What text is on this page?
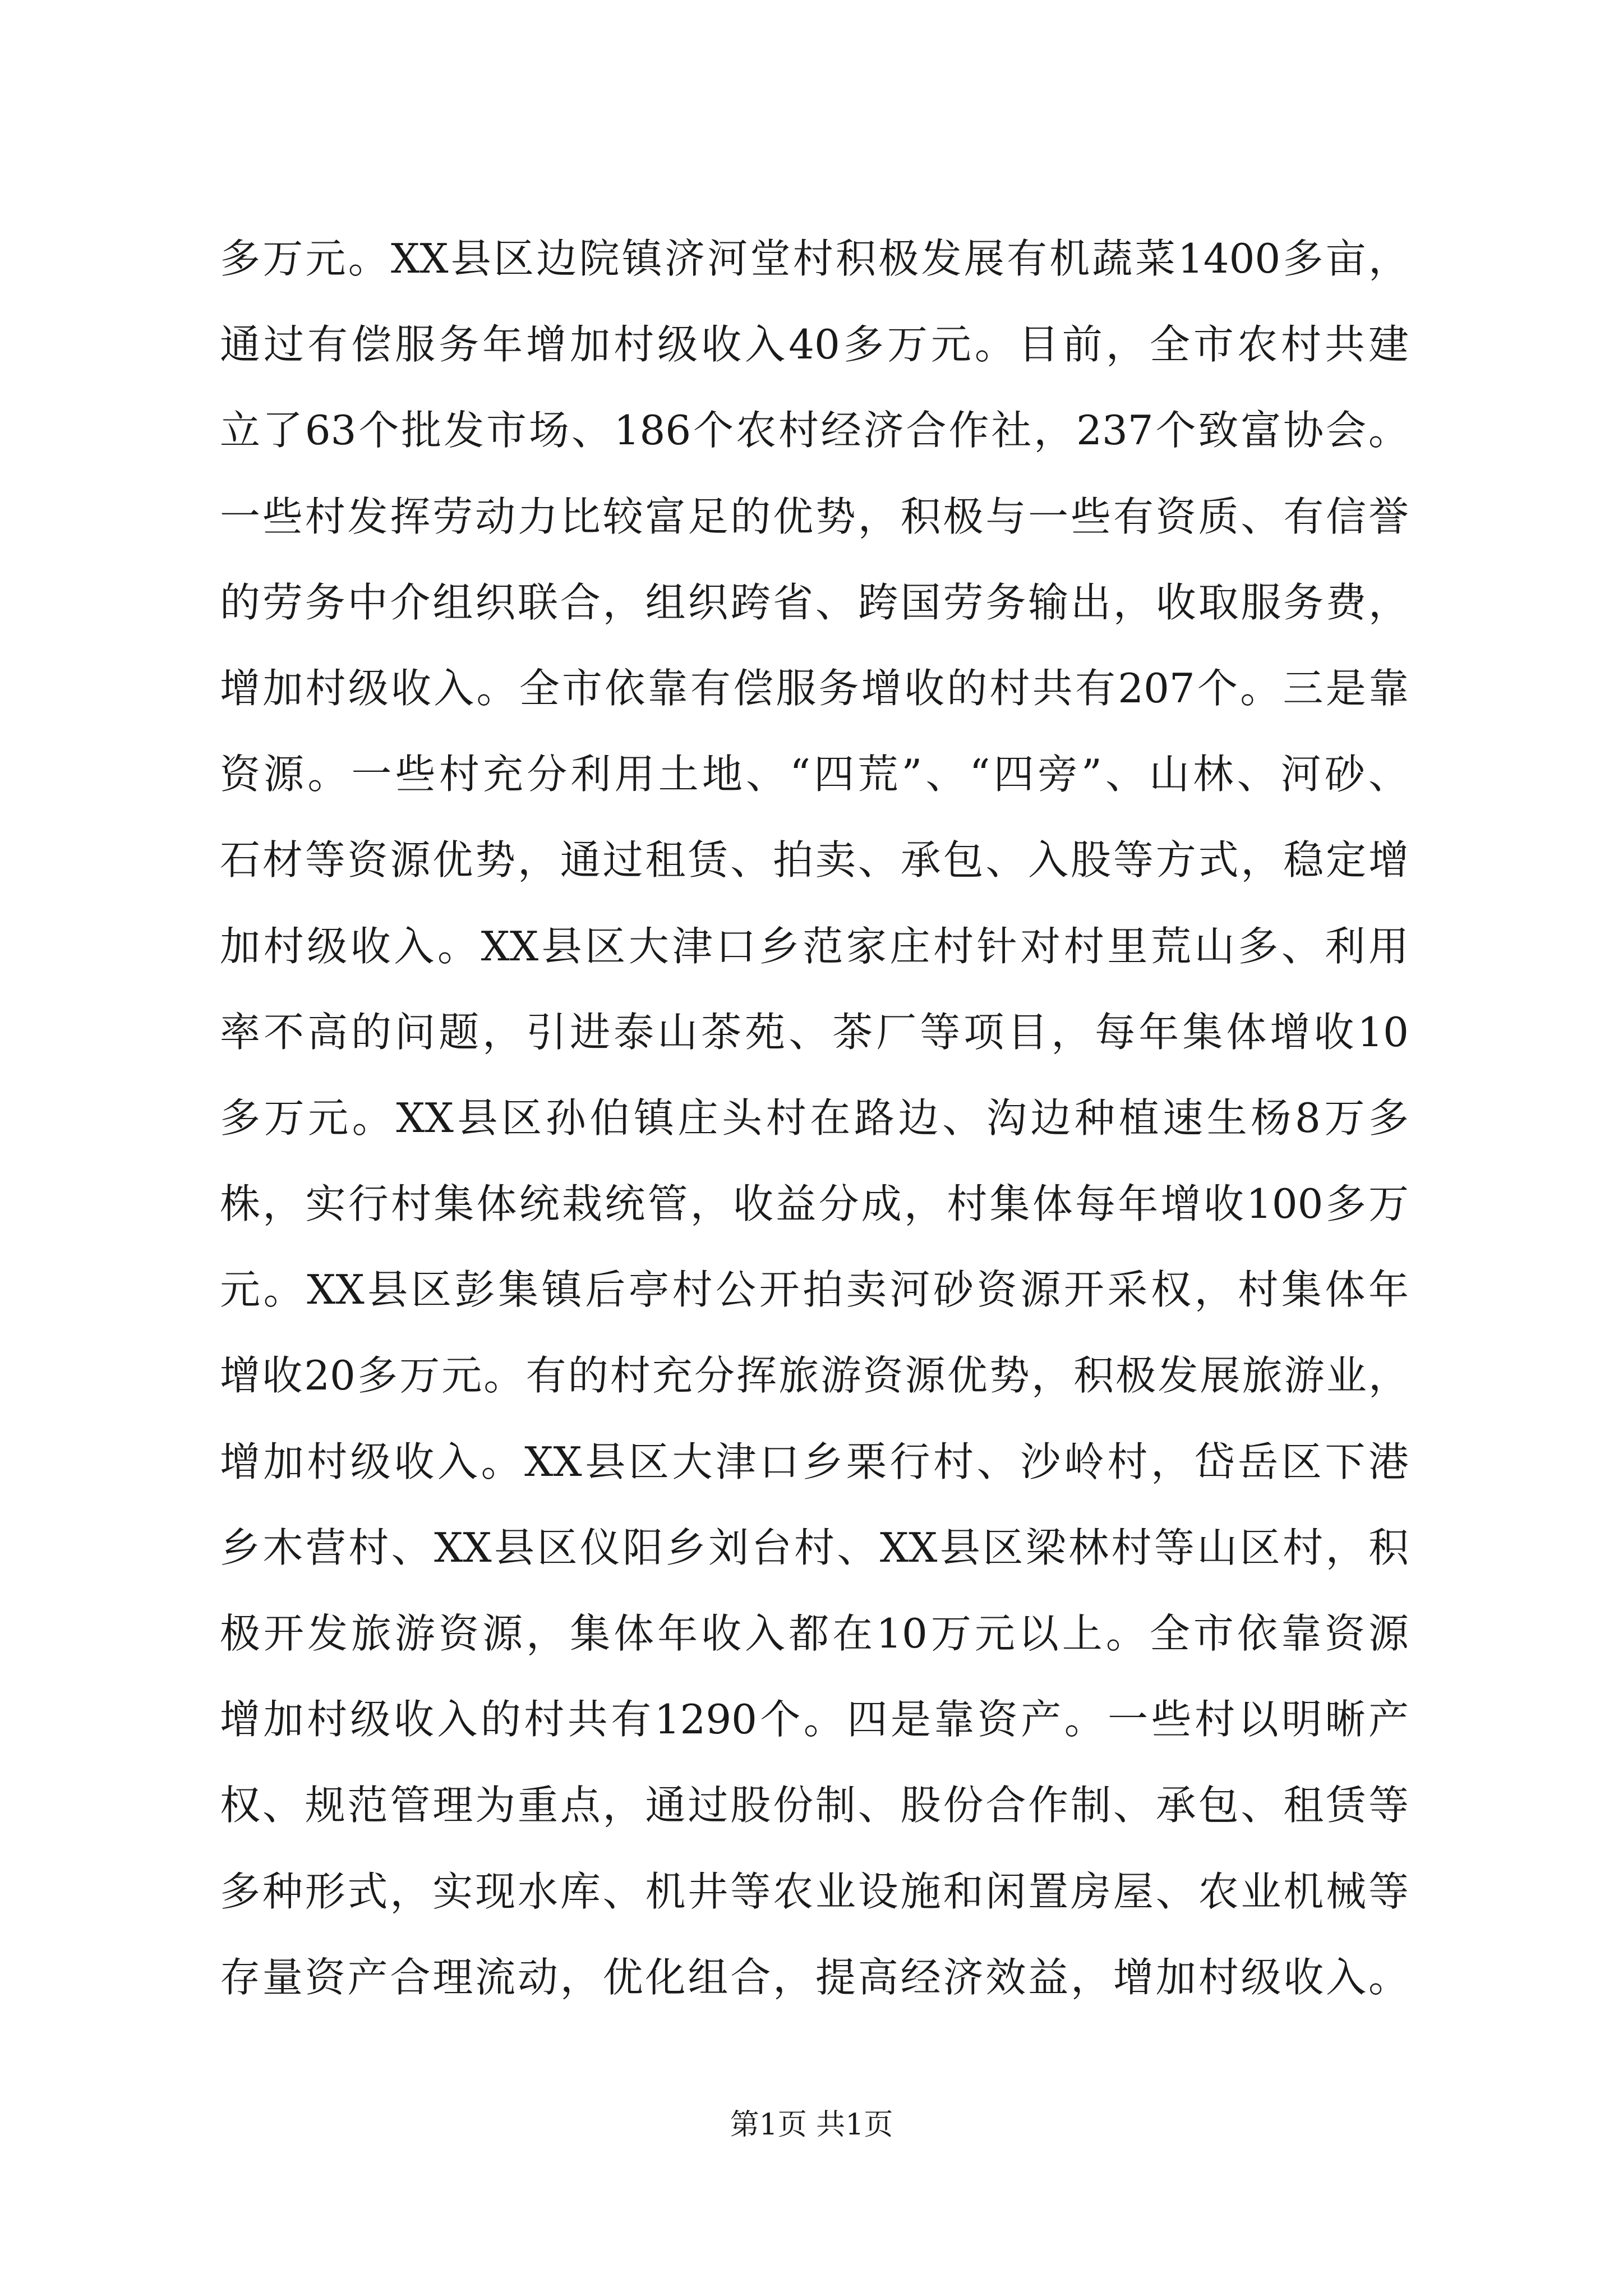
多万元。XX县区边院镇济河堂村积极发展有机蔬菜1400多亩，
通过有偿服务年增加村级收入40多万元。目前，全市农村共建
立了63个批发市场、186个农村经济合作社，237个致富协会。
一些村发挥劳动力比较富足的优势，积极与一些有资质、有信誉
的劳务中介组织联合，组织跨省、跨国劳务输出，收取服务费，
增加村级收入。全市依靠有偿服务增收的村共有207个。三是靠
资源。一些村充分利用土地、“四荒”、“四旁”、山林、河砂、
石材等资源优势，通过租赁、拍卖、承包、入股等方式，稳定增
加村级收入。XX县区大津口乡范家庄村针对村里荒山多、利用
率不高的问题，引进泰山茶苑、茶厂等项目，每年集体增收10
多万元。XX县区孙伯镇庄头村在路边、沟边种植速生杨8万多
株，实行村集体统栽统管，收益分成，村集体每年增收100多万
元。XX县区彭集镇后亭村公开拍卖河砂资源开采权，村集体年
增收20多万元。有的村充分挥旅游资源优势，积极发展旅游业，
增加村级收入。XX县区大津口乡栗行村、沙岭村，岱岳区下港
乡木营村、XX县区仪阳乡刘台村、XX县区梁林村等山区村，积
极开发旅游资源，集体年收入都在10万元以上。全市依靠资源
增加村级收入的村共有1290个。四是靠资产。一些村以明晰产
权、规范管理为重点，通过股份制、股份合作制、承包、租赁等
多种形式，实现水库、机井等农业设施和闲置房屋、农业机械等
存量资产合理流动，优化组合，提高经济效益，增加村级收入。
第1页 共1页
